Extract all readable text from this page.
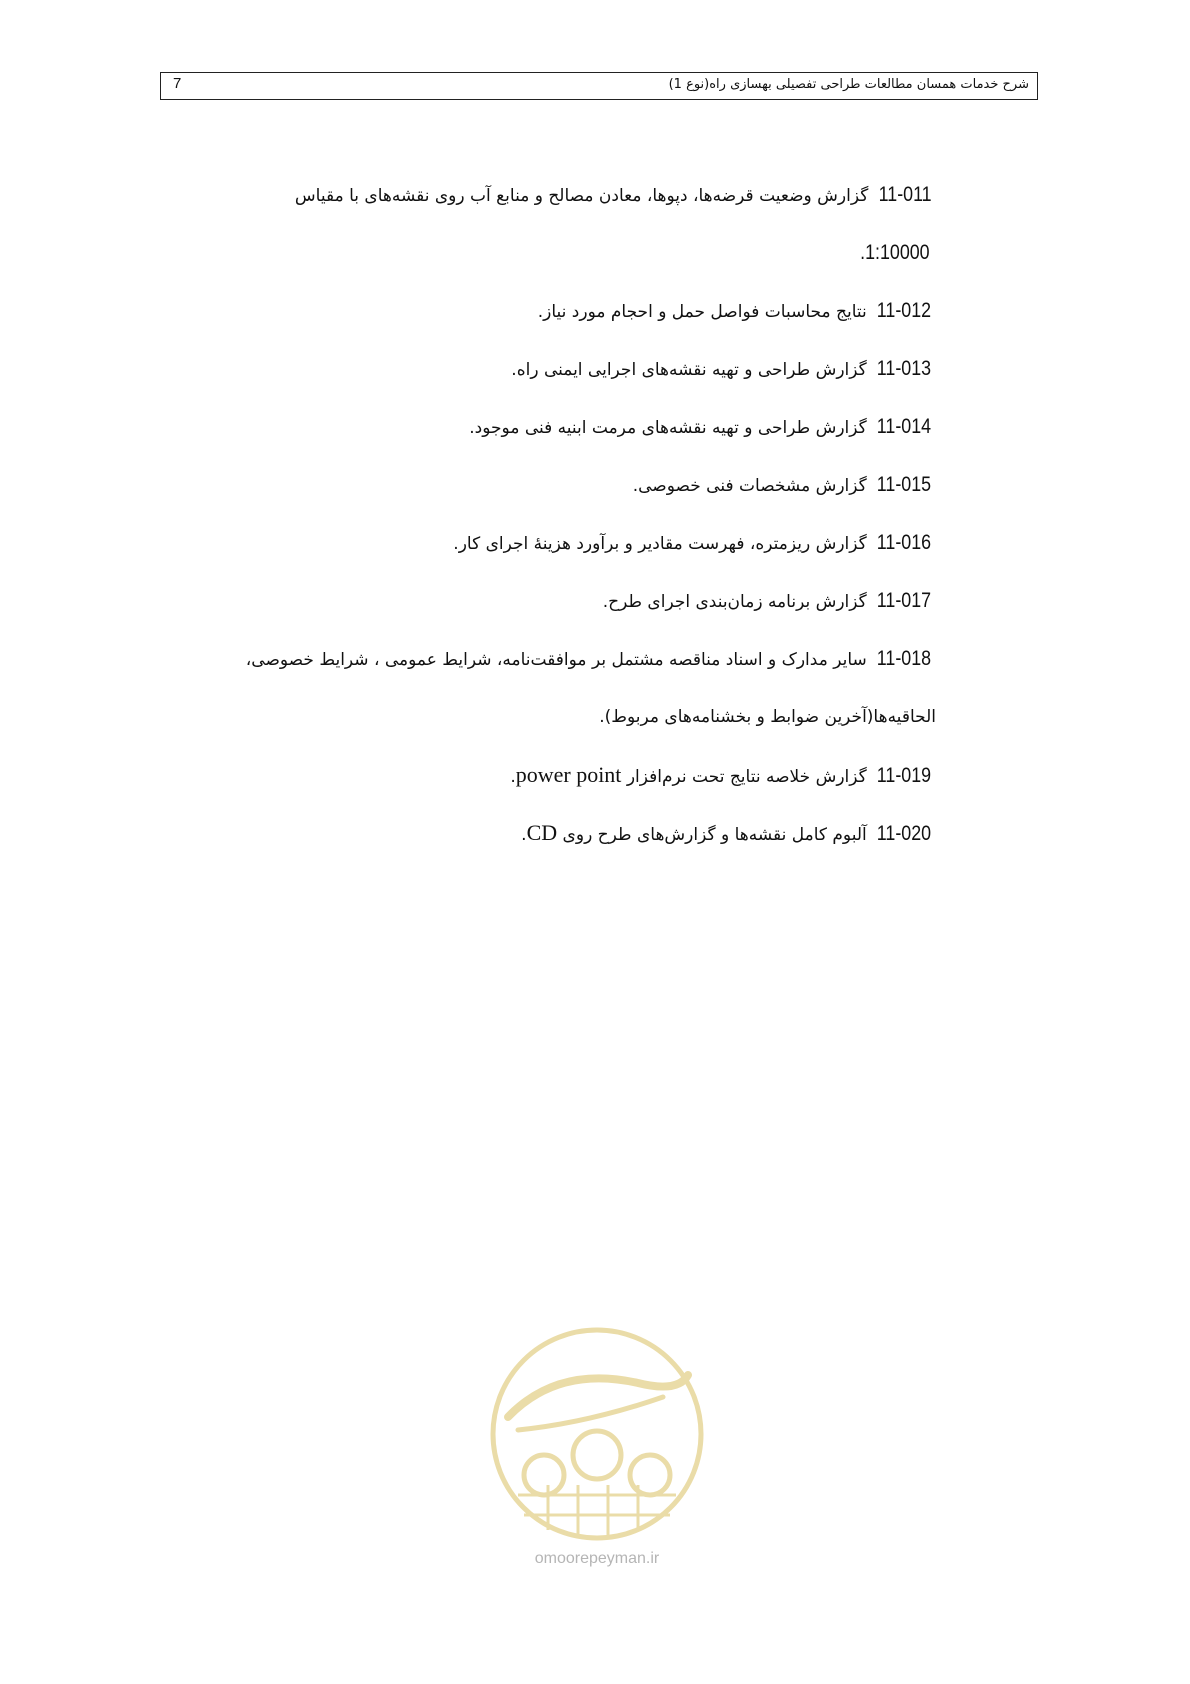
7	شرح خدمات همسان مطالعات طراحی تفصیلی بهسازی راه(نوع 1)

11-011 گزارش وضعیت قرضه‌ها، دپوها، معادن مصالح و منابع آب روی نقشه‌های با مقیاس

.1:10000

11-012 نتایج محاسبات فواصل حمل و احجام مورد نیاز.

11-013 گزارش طراحی و تهیه نقشه‌های اجرایی ایمنی راه.

11-014 گزارش طراحی و تهیه نقشه‌های مرمت ابنیه فنی موجود.

11-015 گزارش مشخصات فنی خصوصی.

11-016 گزارش ریزمتره، فهرست مقادیر و برآورد هزینهٔ اجرای کار.

11-017 گزارش برنامه زمان‌بندی اجرای طرح.

11-018 سایر مدارک و اسناد مناقصه مشتمل بر موافقت‌نامه، شرایط عمومی ، شرایط خصوصی،

الحاقیه‌ها(آخرین ضوابط و بخشنامه‌های مربوط).

11-019 گزارش خلاصه نتایج تحت نرم‌افزار power point.

11-020 آلبوم کامل نقشه‌ها و گزارش‌های طرح روی CD.

omoorepeyman.ir
